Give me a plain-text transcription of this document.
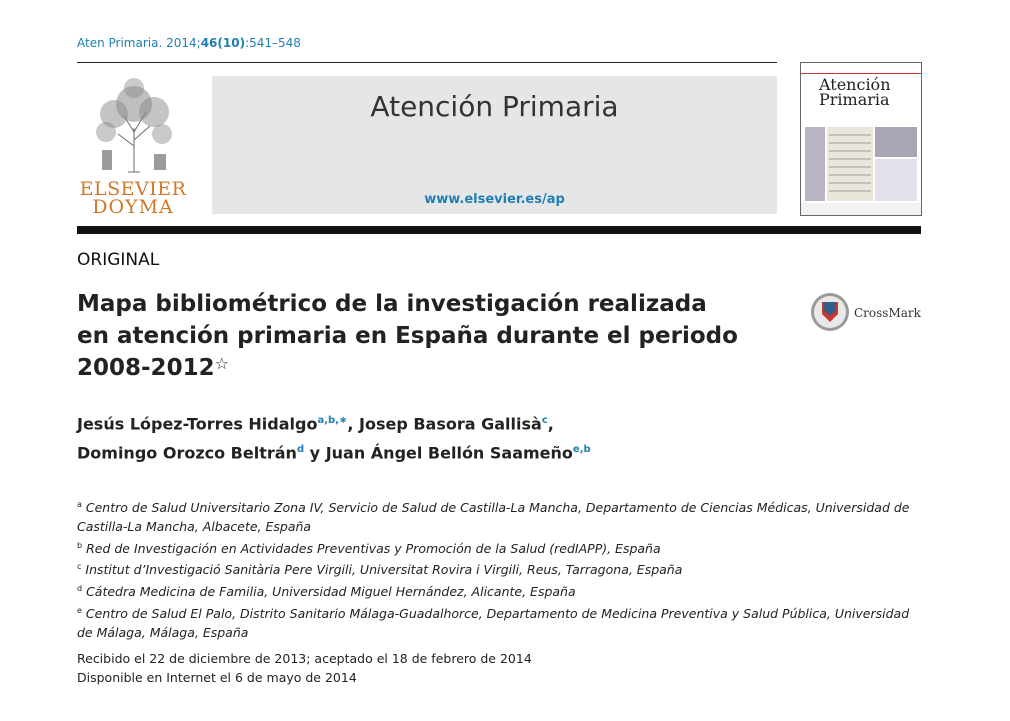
Aten Primaria. 2014;46(10):541–548
ELSEVIER
DOYMA
Atención Primaria
www.elsevier.es/ap
Atención
Primaria
ORIGINAL
Mapa bibliométrico de la investigación realizada
en atención primaria en España durante el periodo
2008-2012☆
CrossMark
Jesús López-Torres Hidalgo$^{a,b,∗}$, Josep Basora Gallisà$^c$,
Domingo Orozco Beltrán$^d$ y Juan Ángel Bellón Saameño$^{e,b}$
$^a$ Centro de Salud Universitario Zona IV, Servicio de Salud de Castilla-La Mancha, Departamento de Ciencias Médicas, Universidad de Castilla-La Mancha, Albacete, España
$^b$ Red de Investigación en Actividades Preventivas y Promoción de la Salud (redIAPP), España
$^c$ Institut d’Investigació Sanitària Pere Virgili, Universitat Rovira i Virgili, Reus, Tarragona, España
$^d$ Cátedra Medicina de Familia, Universidad Miguel Hernández, Alicante, España
$^e$ Centro de Salud El Palo, Distrito Sanitario Málaga-Guadalhorce, Departamento de Medicina Preventiva y Salud Pública, Universidad de Málaga, Málaga, España
Recibido el 22 de diciembre de 2013; aceptado el 18 de febrero de 2014
Disponible en Internet el 6 de mayo de 2014
